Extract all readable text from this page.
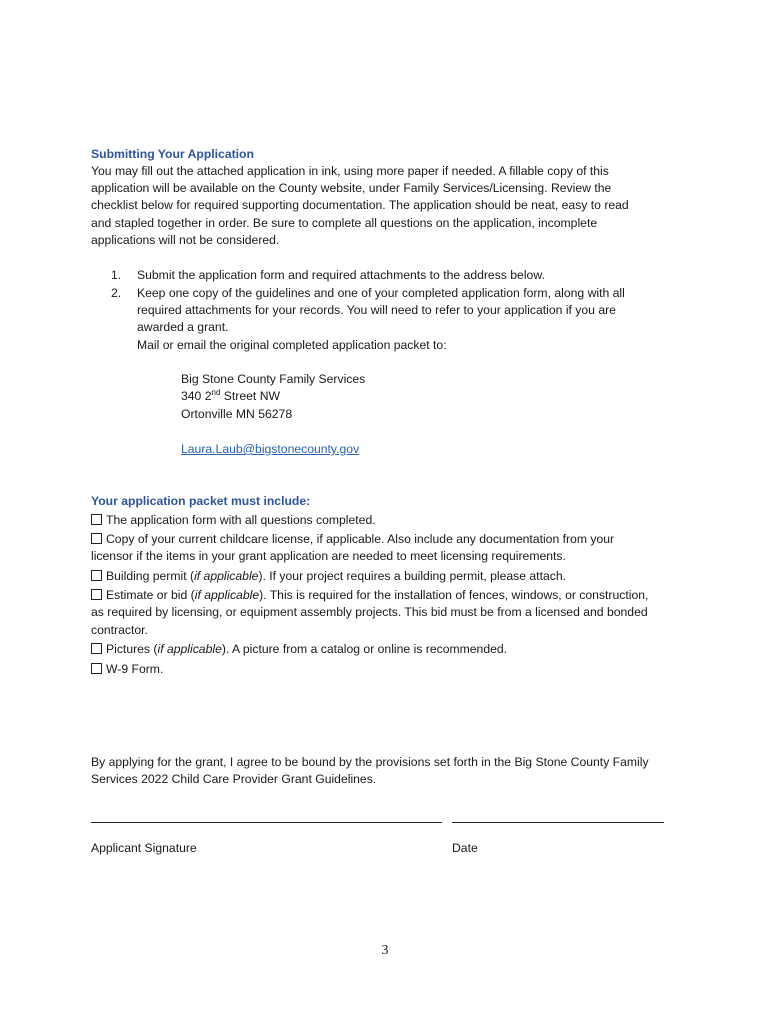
Submitting Your Application
You may fill out the attached application in ink, using more paper if needed. A fillable copy of this
application will be available on the County website, under Family Services/Licensing. Review the
checklist below for required supporting documentation. The application should be neat, easy to read
and stapled together in order. Be sure to complete all questions on the application, incomplete
applications will not be considered.
1. Submit the application form and required attachments to the address below.
2. Keep one copy of the guidelines and one of your completed application form, along with all
required attachments for your records. You will need to refer to your application if you are
awarded a grant.
Mail or email the original completed application packet to:
Big Stone County Family Services
340 2nd Street NW
Ortonville MN 56278
Laura.Laub@bigstonecounty.gov
Your application packet must include:
The application form with all questions completed.
Copy of your current childcare license, if applicable. Also include any documentation from your
licensor if the items in your grant application are needed to meet licensing requirements.
Building permit (if applicable). If your project requires a building permit, please attach.
Estimate or bid (if applicable). This is required for the installation of fences, windows, or construction,
as required by licensing, or equipment assembly projects. This bid must be from a licensed and bonded
contractor.
Pictures (if applicable). A picture from a catalog or online is recommended.
W-9 Form.
By applying for the grant, I agree to be bound by the provisions set forth in the Big Stone County Family
Services 2022 Child Care Provider Grant Guidelines.
Applicant Signature	Date
3
